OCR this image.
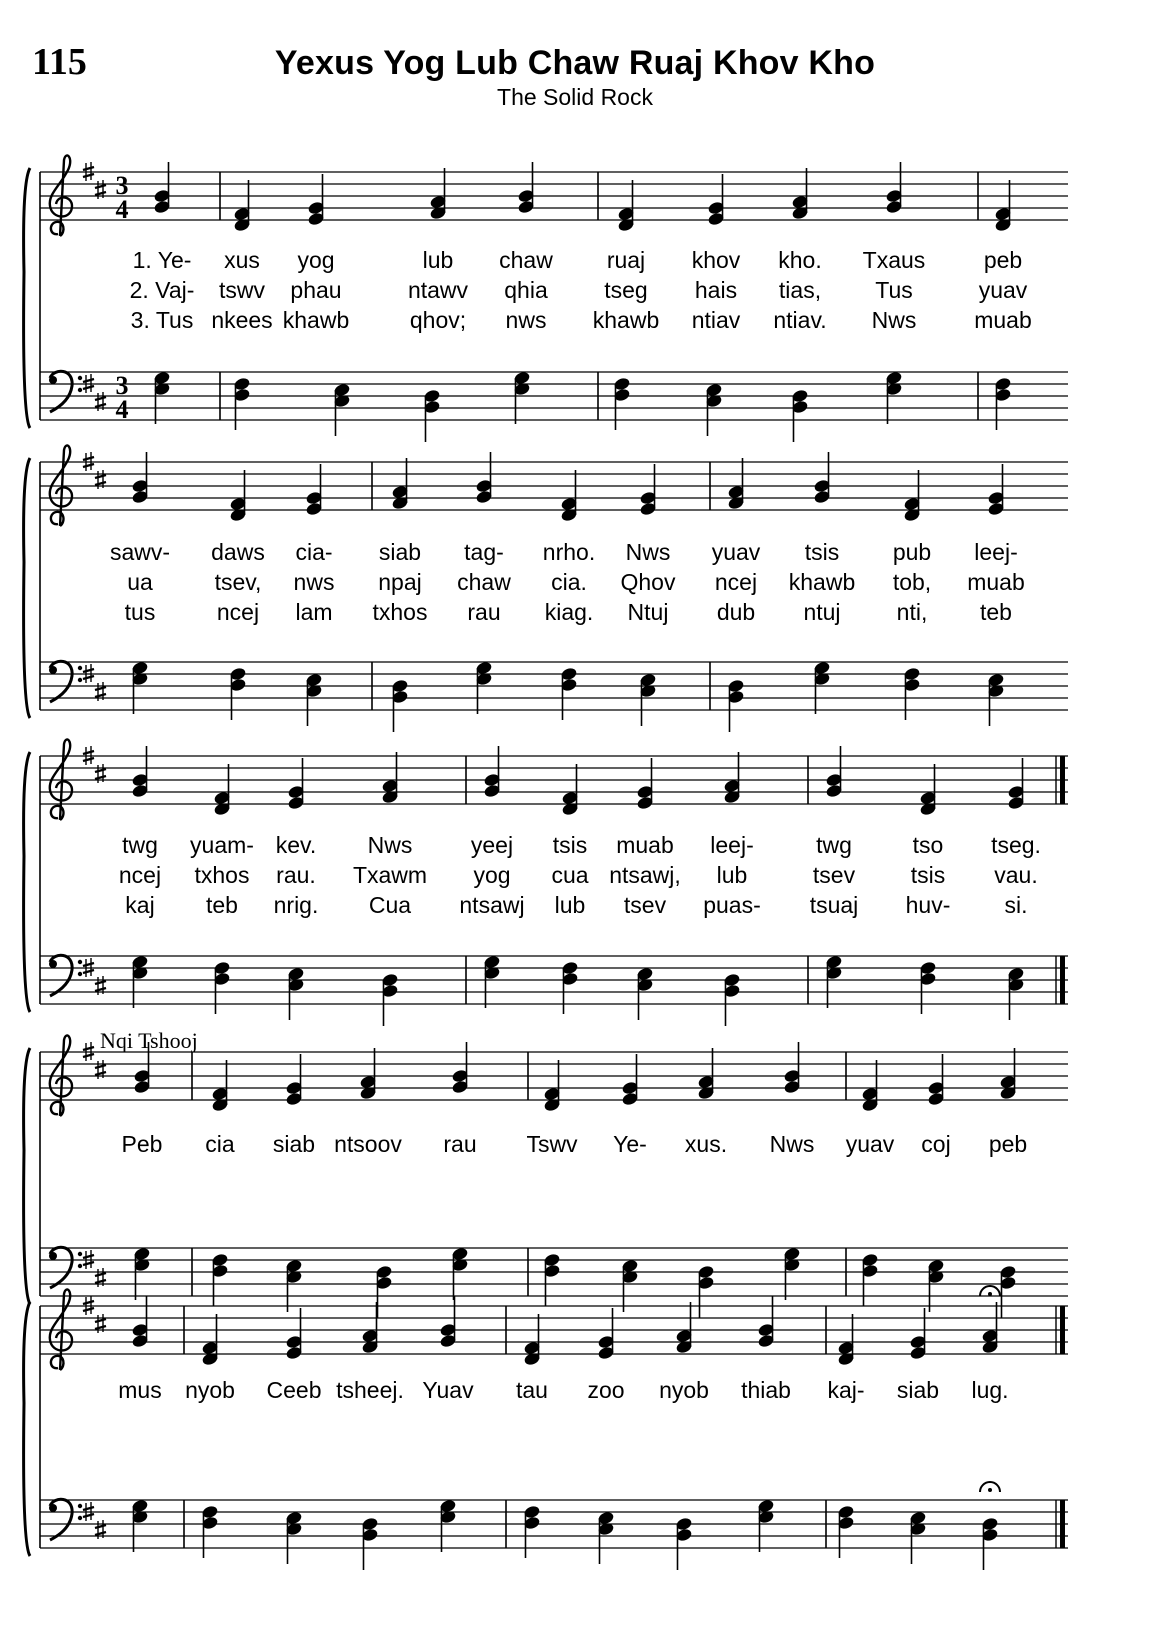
115	Yexus Yog Lub Chaw Ruaj Khov Kho
The Solid Rock
1. Ye- xus yog	lub chaw ruaj khov kho. Txaus	peb
2. Vaj- tswv phau	ntawv qhia tseg hais tias, Tus	yuav
3. Tus nkees khawb	qhov; nws khawb ntiav ntiav. Nws	muab
3
4
3
4
sawv- daws cia- siab tag- nrho. Nws yuav tsis pub leej-
ua	tsev, nws npaj chaw cia. Qhov ncej khawb tob, muab
tus	ncej lam txhos rau kiag. Ntuj dub ntuj nti, teb
twg yuam- kev. Nws	yeej tsis muab leej-	twg	tso tseg.
ncej txhos rau. Txawm yog cua ntsawj, lub	tsev tsis vau.
kaj teb nrig. Cua ntsawj lub tsev puas- tsuaj huv- si.
Nqi Tshooj
Peb cia siab ntsoov rau Tswv Ye- xus. Nws yuav coj peb
mus nyob Ceeb tsheej. Yuav tau zoo nyob thiab kaj- siab lug.
